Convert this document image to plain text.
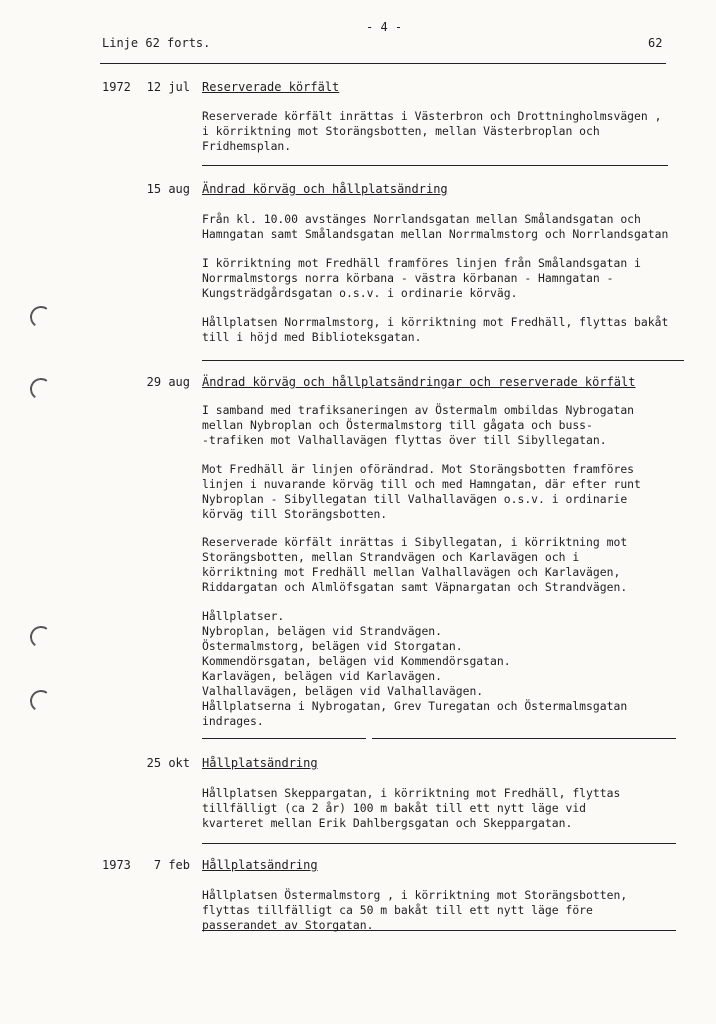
- 4 -
Linje 62 forts.	62
1972	12 jul Reserverade körfält
Reserverade körfält inrättas i Västerbron och Drottningholmsvägen ,
i körriktning mot Storängsbotten, mellan Västerbroplan och
Fridhemsplan.
15 aug Ändrad körväg och hållplatsändring
Från kl. 10.00 avstänges Norrlandsgatan mellan Smålandsgatan och
Hamngatan samt Smålandsgatan mellan Norrmalmstorg och Norrlandsgatan
I körriktning mot Fredhäll framföres linjen från Smålandsgatan i
Norrmalmstorgs norra körbana - västra körbanan - Hamngatan -
Kungsträdgårdsgatan o.s.v. i ordinarie körväg.
Hållplatsen Norrmalmstorg, i körriktning mot Fredhäll, flyttas bakåt
till i höjd med Biblioteksgatan.
29 aug Ändrad körväg och hållplatsändringar och reserverade körfält
I samband med trafiksaneringen av Östermalm ombildas Nybrogatan
mellan Nybroplan och Östermalmstorg till gågata och buss-
-trafiken mot Valhallavägen flyttas över till Sibyllegatan.
Mot Fredhäll är linjen oförändrad. Mot Storängsbotten framföres
linjen i nuvarande körväg till och med Hamngatan, där efter runt
Nybroplan - Sibyllegatan till Valhallavägen o.s.v. i ordinarie
körväg till Storängsbotten.
Reserverade körfält inrättas i Sibyllegatan, i körriktning mot
Storängsbotten, mellan Strandvägen och Karlavägen och i
körriktning mot Fredhäll mellan Valhallavägen och Karlavägen,
Riddargatan och Almlöfsgatan samt Väpnargatan och Strandvägen.
Hållplatser.
Nybroplan, belägen vid Strandvägen.
Östermalmstorg, belägen vid Storgatan.
Kommendörsgatan, belägen vid Kommendörsgatan.
Karlavägen, belägen vid Karlavägen.
Valhallavägen, belägen vid Valhallavägen.
Hållplatserna i Nybrogatan, Grev Turegatan och Östermalmsgatan
indrages.
25 okt Hållplatsändring
Hållplatsen Skeppargatan, i körriktning mot Fredhäll, flyttas
tillfälligt (ca 2 år) 100 m bakåt till ett nytt läge vid
kvarteret mellan Erik Dahlbergsgatan och Skeppargatan.
1973	7 feb Hållplatsändring
Hållplatsen Östermalmstorg , i körriktning mot Storängsbotten,
flyttas tillfälligt ca 50 m bakåt till ett nytt läge före
passerandet av Storgatan.
